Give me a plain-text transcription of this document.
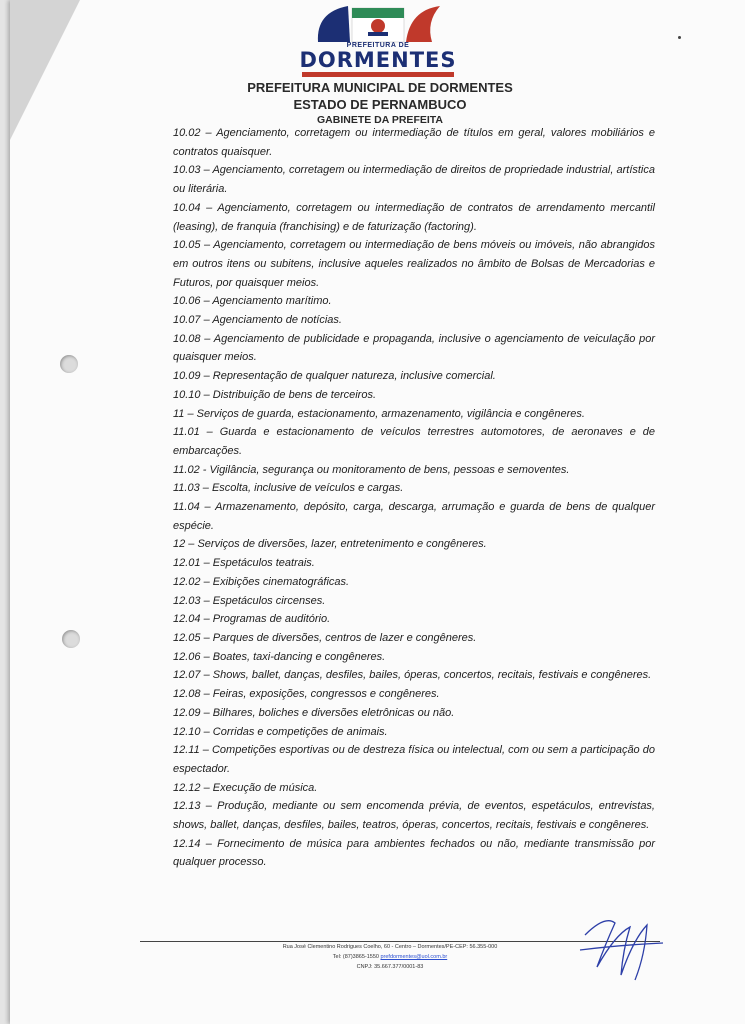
PREFEITURA DE
DORMENTES
PREFEITURA MUNICIPAL DE DORMENTES
ESTADO DE PERNAMBUCO
GABINETE DA PREFEITA

10.02 – Agenciamento, corretagem ou intermediação de títulos em geral, valores mobiliários e contratos quaisquer.

10.03 – Agenciamento, corretagem ou intermediação de direitos de propriedade industrial, artística ou literária.

10.04 – Agenciamento, corretagem ou intermediação de contratos de arrendamento mercantil (leasing), de franquia (franchising) e de faturização (factoring).

10.05 – Agenciamento, corretagem ou intermediação de bens móveis ou imóveis, não abrangidos em outros itens ou subitens, inclusive aqueles realizados no âmbito de Bolsas de Mercadorias e Futuros, por quaisquer meios.

10.06 – Agenciamento marítimo.

10.07 – Agenciamento de notícias.

10.08 – Agenciamento de publicidade e propaganda, inclusive o agenciamento de veiculação por quaisquer meios.

10.09 – Representação de qualquer natureza, inclusive comercial.

10.10 – Distribuição de bens de terceiros.

11 – Serviços de guarda, estacionamento, armazenamento, vigilância e congêneres.

11.01 – Guarda e estacionamento de veículos terrestres automotores, de aeronaves e de embarcações.

11.02 - Vigilância, segurança ou monitoramento de bens, pessoas e semoventes.

11.03 – Escolta, inclusive de veículos e cargas.

11.04 – Armazenamento, depósito, carga, descarga, arrumação e guarda de bens de qualquer espécie.

12 – Serviços de diversões, lazer, entretenimento e congêneres.

12.01 – Espetáculos teatrais.

12.02 – Exibições cinematográficas.

12.03 – Espetáculos circenses.

12.04 – Programas de auditório.

12.05 – Parques de diversões, centros de lazer e congêneres.

12.06 – Boates, taxi-dancing e congêneres.

12.07 – Shows, ballet, danças, desfiles, bailes, óperas, concertos, recitais, festivais e congêneres.

12.08 – Feiras, exposições, congressos e congêneres.

12.09 – Bilhares, boliches e diversões eletrônicas ou não.

12.10 – Corridas e competições de animais.

12.11 – Competições esportivas ou de destreza física ou intelectual, com ou sem a participação do espectador.

12.12 – Execução de música.

12.13 – Produção, mediante ou sem encomenda prévia, de eventos, espetáculos, entrevistas, shows, ballet, danças, desfiles, bailes, teatros, óperas, concertos, recitais, festivais e congêneres.

12.14 – Fornecimento de música para ambientes fechados ou não, mediante transmissão por qualquer processo.

Rua José Clementino Rodrigues Coelho, 60 - Centro – Dormentes/PE-CEP: 56.355-000
Tel: (87)3865-1550 prefdormentes@uol.com.br
CNPJ: 35.667.377/0001-83
